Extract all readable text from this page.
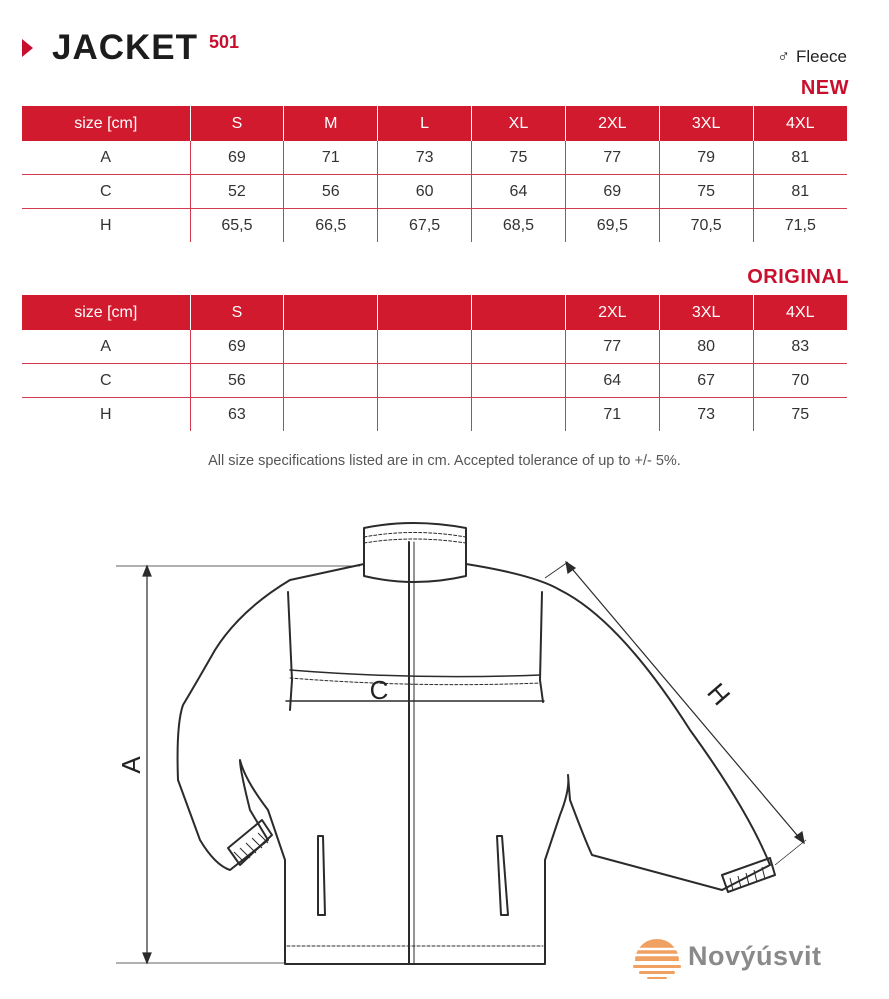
JACKET 501
♂ Fleece
NEW
size [cm]	S	M	L	XL	2XL	3XL	4XL
A	69	71	73	75	77	79	81
C	52	56	60	64	69	75	81
H	65,5	66,5	67,5	68,5	69,5	70,5	71,5
ORIGINAL
size [cm]	S				2XL	3XL	4XL
A	69				77	80	83
C	56				64	67	70
H	63				71	73	75
All size specifications listed are in cm. Accepted tolerance of up to +/- 5%.
A
C	H
Novýúsvit
